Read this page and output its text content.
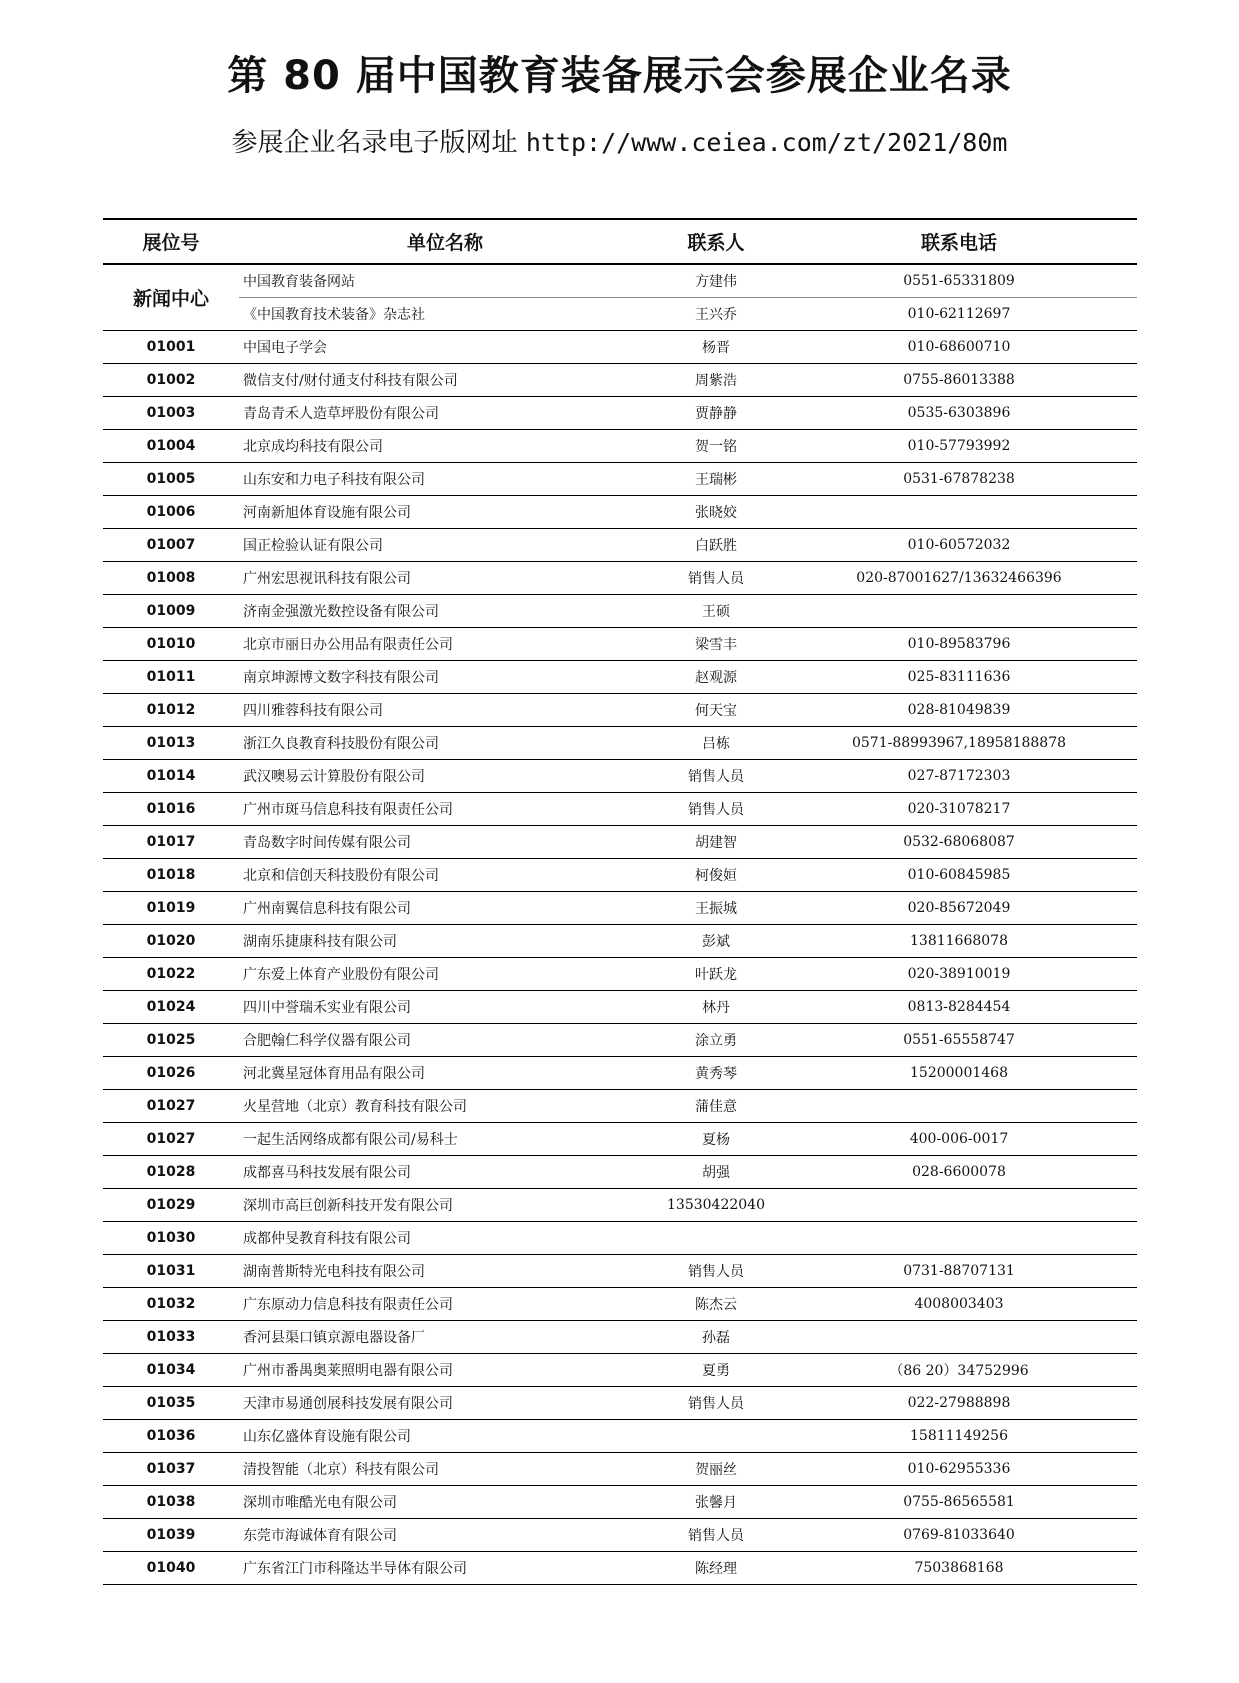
第 80 届中国教育装备展示会参展企业名录
参展企业名录电子版网址 http://www.ceiea.com/zt/2021/80m
展位号	单位名称	联系人	联系电话
新闻中心	中国教育装备网站	方建伟	0551-65331809
	《中国教育技术装备》杂志社	王兴乔	010-62112697
01001	中国电子学会	杨晋	010-68600710
01002	微信支付/财付通支付科技有限公司	周紫浩	0755-86013388
01003	青岛青禾人造草坪股份有限公司	贾静静	0535-6303896
01004	北京成均科技有限公司	贺一铭	010-57793992
01005	山东安和力电子科技有限公司	王瑞彬	0531-67878238
01006	河南新旭体育设施有限公司	张晓姣	
01007	国正检验认证有限公司	白跃胜	010-60572032
01008	广州宏思视讯科技有限公司	销售人员	020-87001627/13632466396
01009	济南金强激光数控设备有限公司	王硕	
01010	北京市丽日办公用品有限责任公司	梁雪丰	010-89583796
01011	南京坤源博文数字科技有限公司	赵观源	025-83111636
01012	四川雅蓉科技有限公司	何天宝	028-81049839
01013	浙江久良教育科技股份有限公司	吕栋	0571-88993967,18958188878
01014	武汉噢易云计算股份有限公司	销售人员	027-87172303
01016	广州市斑马信息科技有限责任公司	销售人员	020-31078217
01017	青岛数字时间传媒有限公司	胡建智	0532-68068087
01018	北京和信创天科技股份有限公司	柯俊姮	010-60845985
01019	广州南翼信息科技有限公司	王振城	020-85672049
01020	湖南乐捷康科技有限公司	彭斌	13811668078
01022	广东爱上体育产业股份有限公司	叶跃龙	020-38910019
01024	四川中誉瑞禾实业有限公司	林丹	0813-8284454
01025	合肥翰仁科学仪器有限公司	涂立勇	0551-65558747
01026	河北冀星冠体育用品有限公司	黄秀琴	15200001468
01027	火星营地（北京）教育科技有限公司	蒲佳意	
01027	一起生活网络成都有限公司/易科士	夏杨	400-006-0017
01028	成都喜马科技发展有限公司	胡强	028-6600078
01029	深圳市高巨创新科技开发有限公司	13530422040	
01030	成都仲旻教育科技有限公司		
01031	湖南普斯特光电科技有限公司	销售人员	0731-88707131
01032	广东原动力信息科技有限责任公司	陈杰云	4008003403
01033	香河县渠口镇京源电器设备厂	孙磊	
01034	广州市番禺奥莱照明电器有限公司	夏勇	（86 20）34752996
01035	天津市易通创展科技发展有限公司	销售人员	022-27988898
01036	山东亿盛体育设施有限公司		15811149256
01037	清投智能（北京）科技有限公司	贺丽丝	010-62955336
01038	深圳市唯酷光电有限公司	张馨月	0755-86565581
01039	东莞市海诚体育有限公司	销售人员	0769-81033640
01040	广东省江门市科隆达半导体有限公司	陈经理	7503868168
